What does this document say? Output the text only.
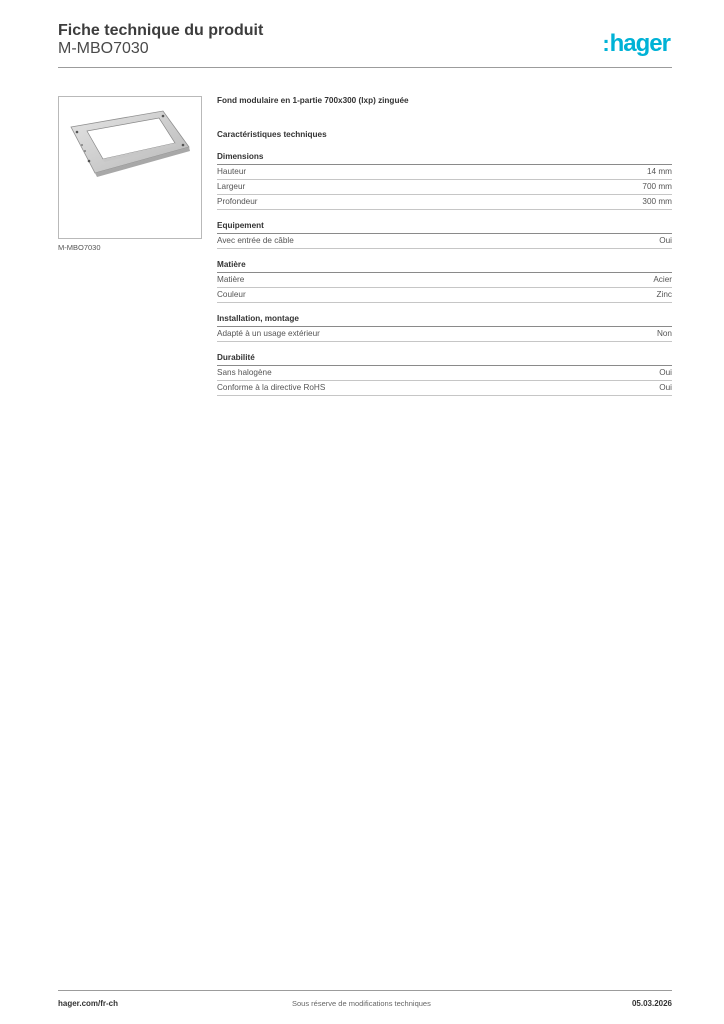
Fiche technique du produit
M-MBO7030	:hager
M-MBO7030
Fond modulaire en 1-partie 700x300 (lxp) zinguée
Caractéristiques techniques
Dimensions
Hauteur	14 mm
Largeur	700 mm
Profondeur	300 mm
Equipement
Avec entrée de câble	Oui
Matière
Matière	Acier
Couleur	Zinc
Installation, montage
Adapté à un usage extérieur	Non
Durabilité
Sans halogène	Oui
Conforme à la directive RoHS	Oui
hager.com/fr-ch	Sous réserve de modifications techniques	05.03.2026
